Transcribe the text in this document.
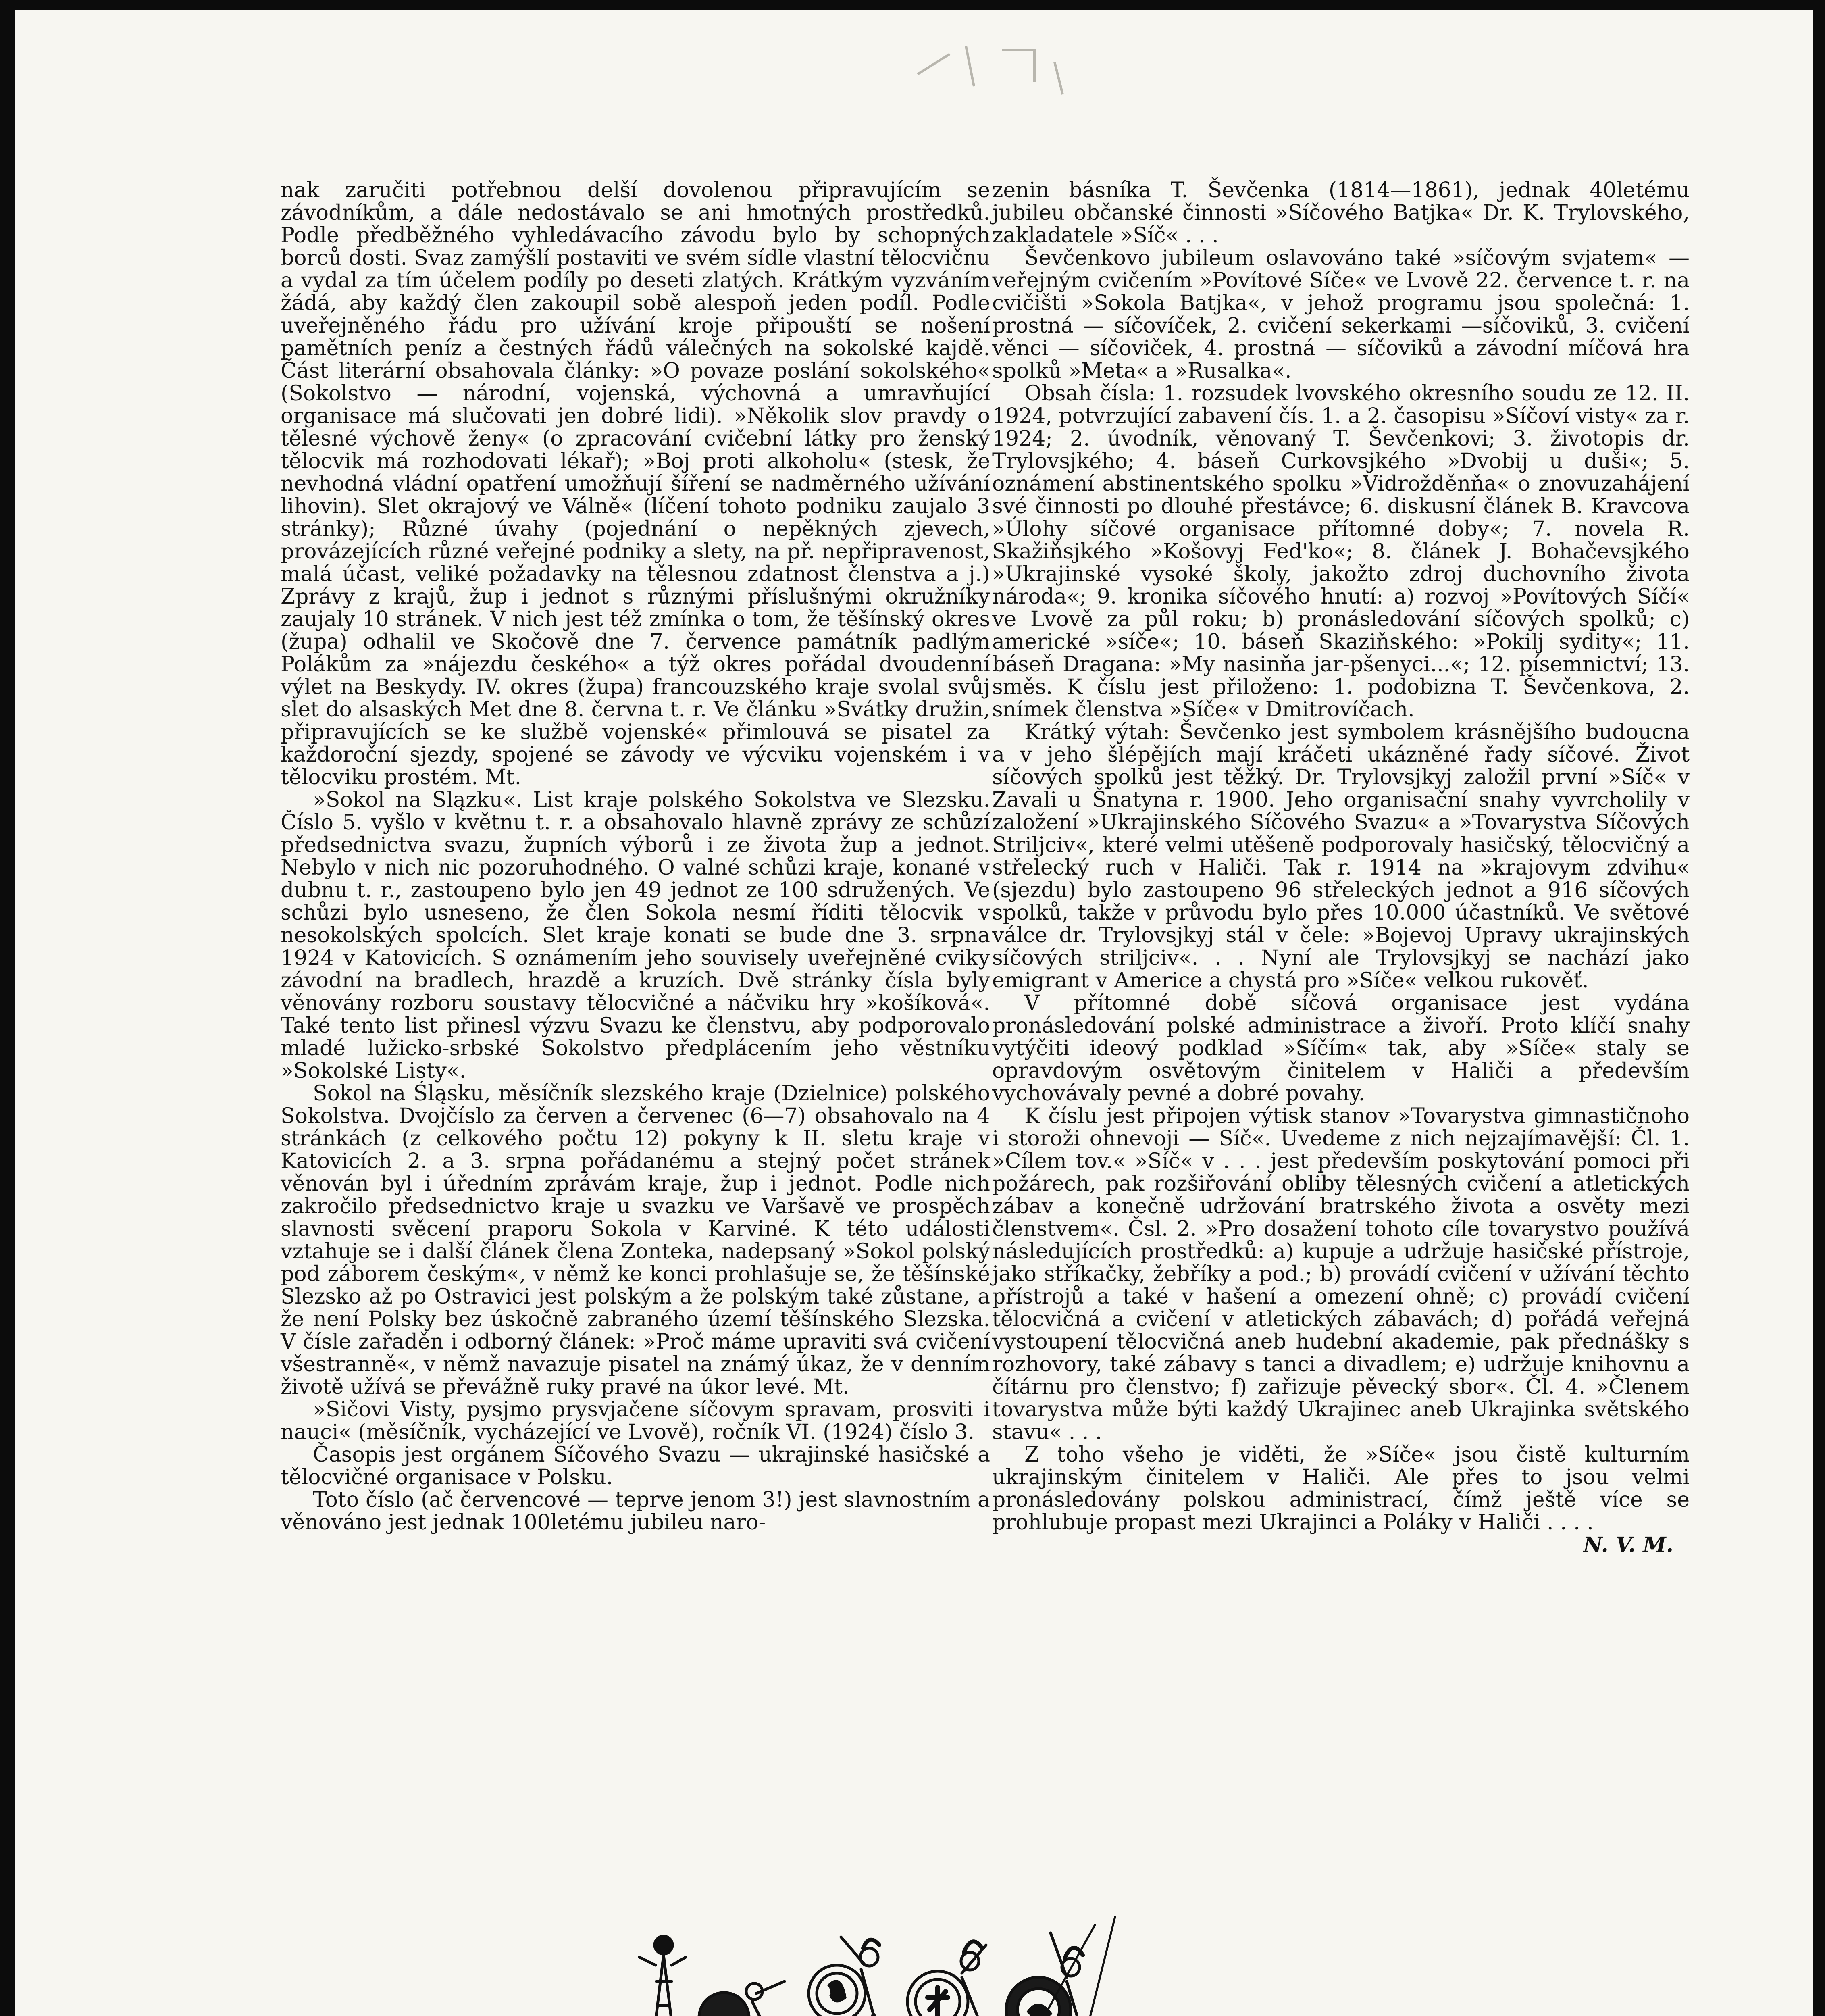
nak zaručiti potřebnou delší dovolenou připravujícím se závodníkům, a dále nedostávalo se ani hmotných prostředků. Podle předběžného vyhledávacího závodu bylo by schopných borců dosti. Svaz zamýšlí postaviti ve svém sídle vlastní tělocvičnu a vydal za tím účelem podíly po deseti zlatých. Krátkým vyzváním žádá, aby každý člen zakoupil sobě alespoň jeden podíl. Podle uveřejněného řádu pro užívání kroje připouští se nošení pamětních peníz a čestných řádů válečných na sokolské kajdě. Část literární obsahovala články: »O povaze poslání sokolského« (Sokolstvo — národní, vojenská, výchovná a umravňující organisace má slučovati jen dobré lidi). »Několik slov pravdy o tělesné výchově ženy« (o zpracování cvičební látky pro ženský tělocvik má rozhodovati lékař); »Boj proti alkoholu« (stesk, že nevhodná vládní opatření umožňují šíření se nadměrného užívání lihovin). Slet okrajový ve Válně« (líčení tohoto podniku zaujalo 3 stránky); Různé úvahy (pojednání o nepěkných zjevech, provázejících různé veřejné podniky a slety, na př. nepřipravenost, malá účast, veliké požadavky na tělesnou zdatnost členstva a j.) Zprávy z krajů, žup i jednot s různými příslušnými okružníky zaujaly 10 stránek. V nich jest též zmínka o tom, že těšínský okres (župa) odhalil ve Skočově dne 7. července památník padlým Polákům za »nájezdu českého« a týž okres pořádal dvoudenní výlet na Beskydy. IV. okres (župa) francouzského kraje svolal svůj slet do alsaských Met dne 8. června t. r. Ve článku »Svátky družin, připravujících se ke službě vojenské« přimlouvá se pisatel za každoroční sjezdy, spojené se závody ve výcviku vojenském i v tělocviku prostém. Mt.

»Sokol na Slązku«. List kraje polského Sokolstva ve Slezsku. Číslo 5. vyšlo v květnu t. r. a obsahovalo hlavně zprávy ze schůzí předsednictva svazu, župních výborů i ze života žup a jednot. Nebylo v nich nic pozoruhodného. O valné schůzi kraje, konané v dubnu t. r., zastoupeno bylo jen 49 jednot ze 100 sdružených. Ve schůzi bylo usneseno, že člen Sokola nesmí říditi tělocvik v nesokolských spolcích. Slet kraje konati se bude dne 3. srpna 1924 v Katovicích. S oznámením jeho souvisely uveřejněné cviky závodní na bradlech, hrazdě a kruzích. Dvě stránky čísla byly věnovány rozboru soustavy tělocvičné a náčviku hry »košíková«. Také tento list přinesl výzvu Svazu ke členstvu, aby podporovalo mladé lužicko-srbské Sokolstvo předplácením jeho věstníku »Sokolské Listy«.

Sokol na Śląsku, měsíčník slezského kraje (Dzielnice) polského Sokolstva. Dvojčíslo za červen a červenec (6—7) obsahovalo na 4 stránkách (z celkového počtu 12) pokyny k II. sletu kraje v Katovicích 2. a 3. srpna pořádanému a stejný počet stránek věnován byl i úředním zprávám kraje, žup i jednot. Podle nich zakročilo předsednictvo kraje u svazku ve Varšavě ve prospěch slavnosti svěcení praporu Sokola v Karviné. K této události vztahuje se i další článek člena Zonteka, nadepsaný »Sokol polský pod záborem českým«, v němž ke konci prohlašuje se, že těšínské Slezsko až po Ostravici jest polským a že polským také zůstane, a že není Polsky bez úskočně zabraného území těšínského Slezska. V čísle zařaděn i odborný článek: »Proč máme upraviti svá cvičení všestranně«, v němž navazuje pisatel na známý úkaz, že v denním životě užívá se převážně ruky pravé na úkor levé. Mt.

»Sičovi Visty, pysjmo prysvjačene síčovym spravam, prosviti i nauci« (měsíčník, vycházející ve Lvově), ročník VI. (1924) číslo 3.

Časopis jest orgánem Síčového Svazu — ukrajinské hasičské a tělocvičné organisace v Polsku.

Toto číslo (ač červencové — teprve jenom 3!) jest slavnostním a věnováno jest jednak 100letému jubileu naro-

zenin básníka T. Ševčenka (1814—1861), jednak 40letému jubileu občanské činnosti »Síčového Batjka« Dr. K. Trylovského, zakladatele »Síč« . . .

Ševčenkovo jubileum oslavováno také »síčovým svjatem« — veřejným cvičením »Povítové Síče« ve Lvově 22. července t. r. na cvičišti »Sokola Batjka«, v jehož programu jsou společná: 1. prostná — síčovíček, 2. cvičení sekerkami —síčoviků, 3. cvičení věnci — síčoviček, 4. prostná — síčoviků a závodní míčová hra spolků »Meta« a »Rusalka«.

Obsah čísla: 1. rozsudek lvovského okresního soudu ze 12. II. 1924, potvrzující zabavení čís. 1. a 2. časopisu »Síčoví visty« za r. 1924; 2. úvodník, věnovaný T. Ševčenkovi; 3. životopis dr. Trylovsjkého; 4. báseň Curkovsjkého »Dvobij u duši«; 5. oznámení abstinentského spolku »Vidrožděnňa« o znovuzahájení své činnosti po dlouhé přestávce; 6. diskusní článek B. Kravcova »Úlohy síčové organisace přítomné doby«; 7. novela R. Skažiňsjkého »Košovyj Fed'ko«; 8. článek J. Bohačevsjkého »Ukrajinské vysoké školy, jakožto zdroj duchovního života národa«; 9. kronika síčového hnutí: a) rozvoj »Povítových Síčí« ve Lvově za půl roku; b) pronásledování síčových spolků; c) americké »síče«; 10. báseň Skaziňského: »Pokilj sydity«; 11. báseň Dragana: »My nasinňa jar-pšenyci...«; 12. písemnictví; 13. směs. K číslu jest přiloženo: 1. podobizna T. Ševčenkova, 2. snímek členstva »Síče« v Dmitrovíčach.

Krátký výtah: Ševčenko jest symbolem krásnějšího budoucna a v jeho šlépějích mají kráčeti ukázněné řady síčové. Život síčových spolků jest těžký. Dr. Trylovsjkyj založil první »Síč« v Zavali u Šnatyna r. 1900. Jeho organisační snahy vyvrcholily v založení »Ukrajinského Síčového Svazu« a »Tovarystva Síčových Striljciv«, které velmi utěšeně podporovaly hasičský, tělocvičný a střelecký ruch v Haliči. Tak r. 1914 na »krajovym zdvihu« (sjezdu) bylo zastoupeno 96 střeleckých jednot a 916 síčových spolků, takže v průvodu bylo přes 10.000 účastníků. Ve světové válce dr. Trylovsjkyj stál v čele: »Bojevoj Upravy ukrajinských síčových striljciv«. . . Nyní ale Trylovsjkyj se nachází jako emigrant v Americe a chystá pro »Síče« velkou rukověť.

V přítomné době síčová organisace jest vydána pronásledování polské administrace a živoří. Proto klíčí snahy vytýčiti ideový podklad »Síčím« tak, aby »Síče« staly se opravdovým osvětovým činitelem v Haliči a především vychovávaly pevné a dobré povahy.

K číslu jest připojen výtisk stanov »Tovarystva gimnastičnoho i storoži ohnevoji — Síč«. Uvedeme z nich nejzajímavější: Čl. 1. »Cílem tov.« »Síč« v . . . jest především poskytování pomoci při požárech, pak rozšiřování obliby tělesných cvičení a atletických zábav a konečně udržování bratrského života a osvěty mezi členstvem«. Čsl. 2. »Pro dosažení tohoto cíle tovarystvo používá následujících prostředků: a) kupuje a udržuje hasičské přístroje, jako stříkačky, žebříky a pod.; b) provádí cvičení v užívání těchto přístrojů a také v hašení a omezení ohně; c) provádí cvičení tělocvičná a cvičení v atletických zábavách; d) pořádá veřejná vystoupení tělocvičná aneb hudební akademie, pak přednášky s rozhovory, také zábavy s tanci a divadlem; e) udržuje knihovnu a čítárnu pro členstvo; f) zařizuje pěvecký sbor«. Čl. 4. »Členem tovarystva může býti každý Ukrajinec aneb Ukrajinka světského stavu« . . .

Z toho všeho je viděti, že »Síče« jsou čistě kulturním ukrajinským činitelem v Haliči. Ale přes to jsou velmi pronásledovány polskou administrací, čímž ještě více se prohlubuje propast mezi Ukrajinci a Poláky v Haliči . . . .

N. V. M.
